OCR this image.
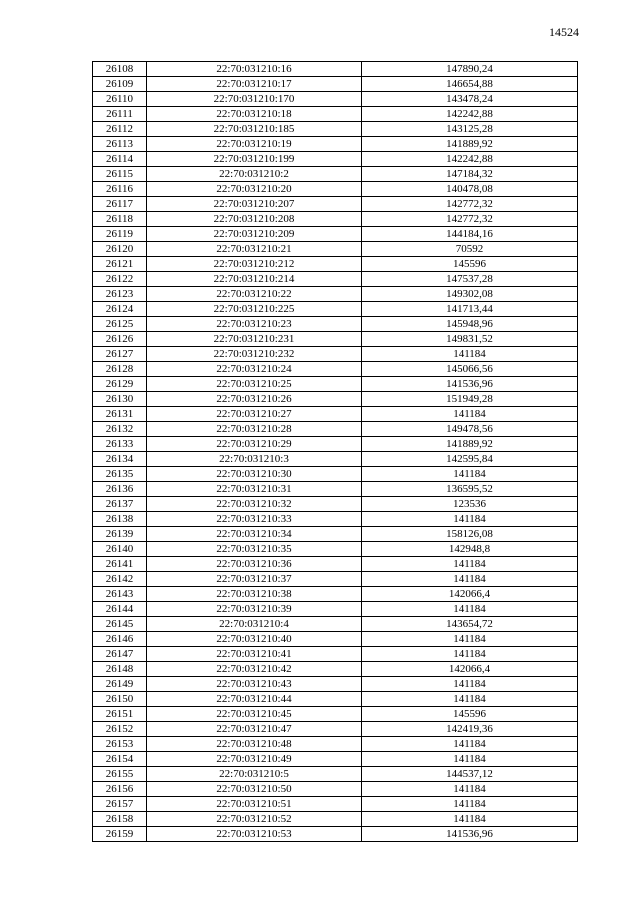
14524
26108	22:70:031210:16	147890,24
26109	22:70:031210:17	146654,88
26110	22:70:031210:170	143478,24
26111	22:70:031210:18	142242,88
26112	22:70:031210:185	143125,28
26113	22:70:031210:19	141889,92
26114	22:70:031210:199	142242,88
26115	22:70:031210:2	147184,32
26116	22:70:031210:20	140478,08
26117	22:70:031210:207	142772,32
26118	22:70:031210:208	142772,32
26119	22:70:031210:209	144184,16
26120	22:70:031210:21	70592
26121	22:70:031210:212	145596
26122	22:70:031210:214	147537,28
26123	22:70:031210:22	149302,08
26124	22:70:031210:225	141713,44
26125	22:70:031210:23	145948,96
26126	22:70:031210:231	149831,52
26127	22:70:031210:232	141184
26128	22:70:031210:24	145066,56
26129	22:70:031210:25	141536,96
26130	22:70:031210:26	151949,28
26131	22:70:031210:27	141184
26132	22:70:031210:28	149478,56
26133	22:70:031210:29	141889,92
26134	22:70:031210:3	142595,84
26135	22:70:031210:30	141184
26136	22:70:031210:31	136595,52
26137	22:70:031210:32	123536
26138	22:70:031210:33	141184
26139	22:70:031210:34	158126,08
26140	22:70:031210:35	142948,8
26141	22:70:031210:36	141184
26142	22:70:031210:37	141184
26143	22:70:031210:38	142066,4
26144	22:70:031210:39	141184
26145	22:70:031210:4	143654,72
26146	22:70:031210:40	141184
26147	22:70:031210:41	141184
26148	22:70:031210:42	142066,4
26149	22:70:031210:43	141184
26150	22:70:031210:44	141184
26151	22:70:031210:45	145596
26152	22:70:031210:47	142419,36
26153	22:70:031210:48	141184
26154	22:70:031210:49	141184
26155	22:70:031210:5	144537,12
26156	22:70:031210:50	141184
26157	22:70:031210:51	141184
26158	22:70:031210:52	141184
26159	22:70:031210:53	141536,96
